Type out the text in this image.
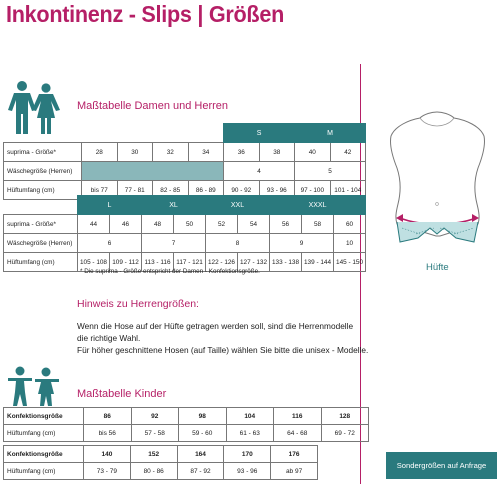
Inkontinenz - Slips | Größen
Maßtabelle Damen und Herren
					S		M	
suprima - Größe*	28	30	32	34	36	38	40	42
Wäschegröße (Herren)					4		5	
Hüftumfang (cm)	bis 77	77 - 81	82 - 85	86 - 89	90 - 92	93 - 96	97 - 100	101 - 104
	L		XL		XXL		XXXL		
suprima - Größe*	44	46	48	50	52	54	56	58	60
Wäschegröße (Herren)	6		7		8		9		10
Hüftumfang (cm)	105 - 108	109 - 112	113 - 116	117 - 121	122 - 126	127 - 132	133 - 138	139 - 144	145 - 150
* Die suprima - Größe entspricht der Damen - Konfektionsgröße.
Hinweis zu Herrengrößen:
Wenn die Hose auf der Hüfte getragen werden soll, sind die Herrenmodelle
die richtige Wahl.
Für höher geschnittene Hosen (auf Taille) wählen Sie bitte die unisex - Modelle.
Maßtabelle Kinder
Konfektionsgröße	86	92	98	104	116	128
Hüftumfang (cm)	bis 56	57 - 58	59 - 60	61 - 63	64 - 68	69 - 72
Konfektionsgröße	140	152	164	170	176
Hüftumfang (cm)	73 - 79	80 - 86	87 - 92	93 - 96	ab 97
Hüfte
Sondergrößen auf Anfrage
